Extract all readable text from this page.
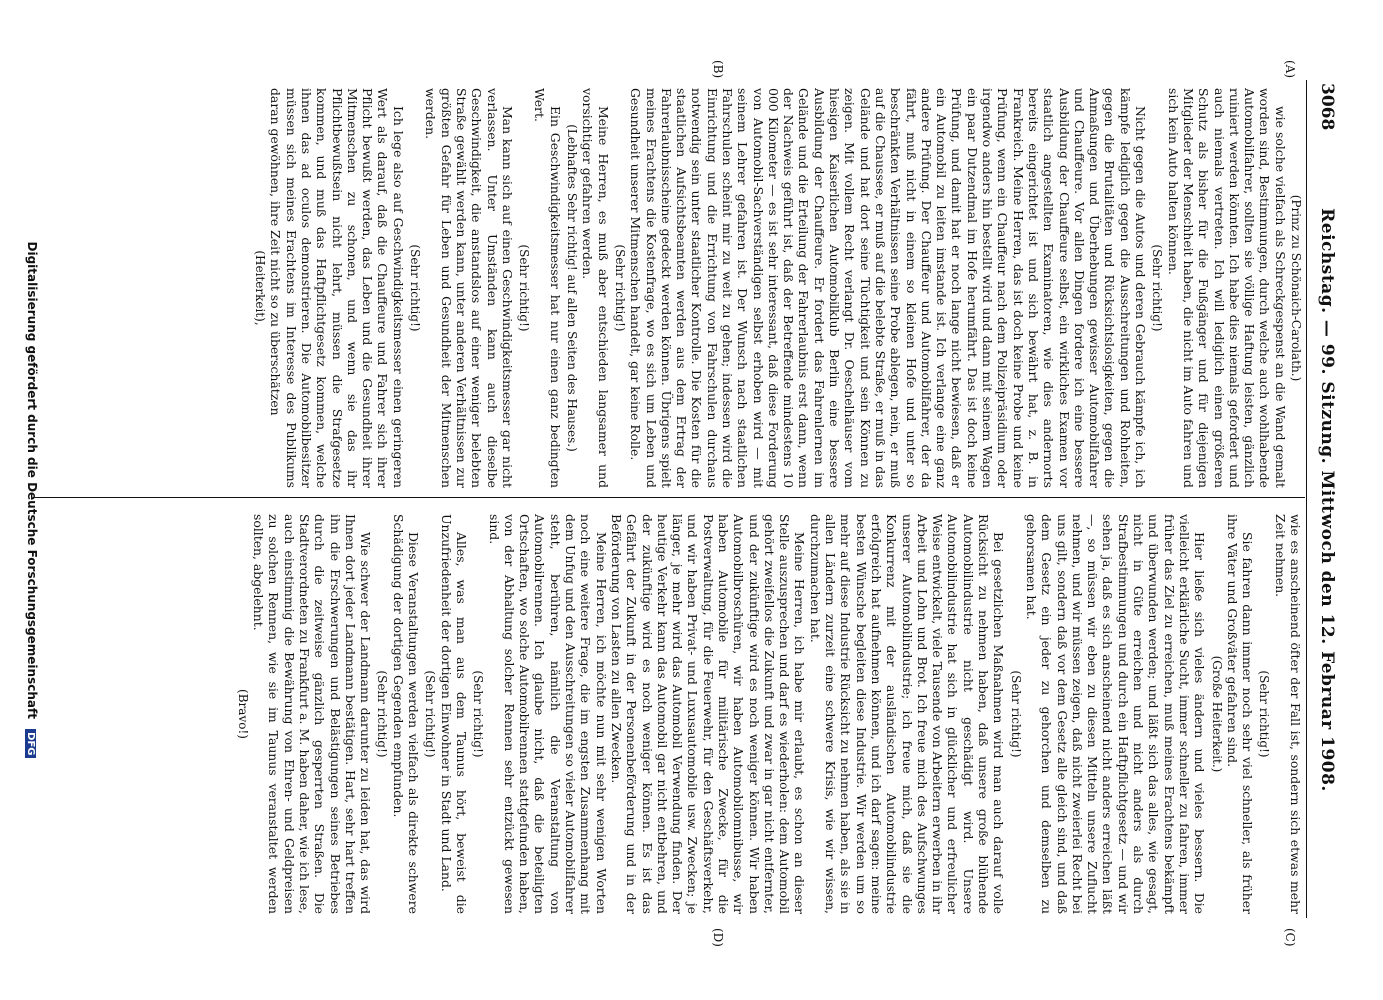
3068
Reichstag. — 99. Sitzung. Mittwoch den 12. Februar 1908.
(A)
(B)
(C)
(D)

(Prinz zu Schönaich-Carolath.)

wie solche vielfach als Schreckgespenst an die Wand gemalt worden sind, Bestimmungen, durch welche auch wohlhabende Automobilfahrer, sollten sie völlige Haftung leisten, gänzlich ruiniert werden könnten. Ich habe dies niemals gefordert und auch niemals vertreten. Ich will lediglich einen größeren Schutz als bisher für die Fußgänger und für diejenigen Mitglieder der Menschheit haben, die nicht im Auto fahren und sich kein Auto halten können.

(Sehr richtig!)

Nicht gegen die Autos und deren Gebrauch kämpfe ich, ich kämpfe lediglich gegen die Ausschreitungen und Rohheiten, gegen die Brutalitäten und Rücksichtslosigkeiten, gegen die Anmaßungen und Überhebungen gewisser Automobilfahrer und Chauffeure. Vor allen Dingen fordere ich eine bessere Ausbildung der Chauffeure selbst, ein wirkliches Examen vor staatlich angestellten Examinatoren, wie dies andernorts bereits eingerichtet ist und sich bewährt hat, z. B. in Frankreich. Meine Herren, das ist doch keine Probe und keine Prüfung, wenn ein Chauffeur nach dem Polizeipräsidium oder irgendwo anders hin bestellt wird und dann mit seinem Wagen ein paar Dutzendmal im Hofe herumfährt. Das ist doch keine Prüfung, und damit hat er noch lange nicht bewiesen, daß er ein Automobil zu leiten imstande ist. Ich verlange eine ganz andere Prüfung. Der Chauffeur und Automobilfahrer, der da fährt, muß nicht in einem so kleinen Hofe und unter so beschränkten Verhältnissen seine Probe ablegen, nein, er muß auf die Chaussee, er muß auf die belebte Straße, er muß in das Gelände und hat dort seine Tüchtigkeit und sein Können zu zeigen. Mit vollem Recht verlangt Dr. Oeschelhäuser vom hiesigen Kaiserlichen Automobilklub Berlin eine bessere Ausbildung der Chauffeure. Er fordert das Fahrenlernen im Gelände und die Erteilung der Fahrerlaubnis erst dann, wenn der Nachweis geführt ist, daß der Betreffende mindestens 10 000 Kilometer — es ist sehr interessant, daß diese Forderung von Automobil-Sachverständigen selbst erhoben wird — mit seinem Lehrer gefahren ist. Der Wunsch nach staatlichen Fahrschulen scheint mir zu weit zu gehen; indessen wird die Einrichtung und die Errichtung von Fahrschulen durchaus notwendig sein unter staatlicher Kontrolle. Die Kosten für die staatlichen Aufsichtsbeamten werden aus dem Ertrag der Fahrerlaubnisscheine gedeckt werden können. Übrigens spielt meines Erachtens die Kostenfrage, wo es sich um Leben und Gesundheit unserer Mitmenschen handelt, gar keine Rolle.

(Sehr richtig!)

Meine Herren, es muß aber entschieden langsamer und vorsichtiger gefahren werden.

(Lebhaftes Sehr richtig! auf allen Seiten des Hauses.)

Ein Geschwindigkeitsmesser hat nur einen ganz bedingten Wert.

(Sehr richtig!)

Man kann sich auf einen Geschwindigkeitsmesser gar nicht verlassen. Unter Umständen kann auch dieselbe Geschwindigkeit, die anstandslos auf einer weniger belebten Straße gewählt werden kann, unter anderen Verhältnissen zur größten Gefahr für Leben und Gesundheit der Mitmenschen werden.

(Sehr richtig!)

Ich lege also auf Geschwindigkeitsmesser einen geringeren Wert als darauf, daß die Chauffeure und Fahrer sich ihrer Pflicht bewußt werden, das Leben und die Gesundheit ihrer Mitmenschen zu schonen, und wenn sie das ihr Pflichtbewußtsein nicht lehrt, müssen die Strafgesetze kommen, und muß das Haftpflichtgesetz kommen, welche ihnen das ad oculos demonstrieren. Die Automobilbesitzer müssen sich meines Erachtens im Interesse des Publikums daran gewöhnen, ihre Zeit nicht so zu überschätzen

(Heiterkeit),

wie es anscheinend öfter der Fall ist, sondern sich etwas mehr Zeit nehmen.

(Sehr richtig!)

Sie fahren dann immer noch sehr viel schneller, als früher ihre Väter und Großväter gefahren sind.

(Große Heiterkeit.)

Hier ließe sich vieles ändern und vieles bessern. Die vielleicht erklärliche Sucht, immer schneller zu fahren, immer früher das Ziel zu erreichen, muß meines Erachtens bekämpft und überwunden werden; und läßt sich das alles, wie gesagt, nicht in Güte erreichen und nicht anders als durch Strafbestimmungen und durch ein Haftpflichtgesetz — und wir sehen ja, daß es sich anscheinend nicht anders erreichen läßt —, so müssen wir eben zu diesen Mitteln unsere Zuflucht nehmen, und wir müssen zeigen, daß nicht zweierlei Recht bei uns gilt, sondern daß vor dem Gesetz alle gleich sind, und daß dem Gesetz ein jeder zu gehorchen und demselben zu gehorsamen hat.

(Sehr richtig!)

Bei gesetzlichen Maßnahmen wird man auch darauf volle Rücksicht zu nehmen haben, daß unsere große blühende Automobilindustrie nicht geschädigt wird. Unsere Automobilindustrie hat sich in glücklicher und erfreulicher Weise entwickelt, viele Tausende von Arbeitern erwerben in ihr Arbeit und Lohn und Brot. Ich freue mich des Aufschwunges unserer Automobilindustrie; ich freue mich, daß sie die Konkurrenz mit der ausländischen Automobilindustrie erfolgreich hat aufnehmen können, und ich darf sagen: meine besten Wünsche begleiten diese Industrie. Wir werden um so mehr auf diese Industrie Rücksicht zu nehmen haben, als sie in allen Ländern zurzeit eine schwere Krisis, wie wir wissen, durchzumachen hat.

Meine Herren, ich habe mir erlaubt, es schon an dieser Stelle auszusprechen und darf es wiederholen: dem Automobil gehört zweifellos die Zukunft und zwar in gar nicht entfernter, und der zukünftige wird es noch weniger können. Wir haben Automobilbroschüren, wir haben Automobilomnibusse, wir haben Automobile für militärische Zwecke, für die Postverwaltung, für die Feuerwehr, für den Geschäftsverkehr, und wir haben Privat- und Luxusautomobile usw. Zwecken; je länger, je mehr wird das Automobil Verwendung finden. Der heutige Verkehr kann das Automobil gar nicht entbehren, und der zukünftige wird es noch weniger können. Es ist das Gefährt der Zukunft in der Personenbeförderung und in der Beförderung von Lasten zu allen Zwecken.

Meine Herren, ich möchte nun mit sehr wenigen Worten noch eine weitere Frage, die im engsten Zusammenhang mit dem Unfug und den Ausschreitungen so vieler Automobilfahrer steht, berühren, nämlich die Veranstaltung von Automobilrennen. Ich glaube nicht, daß die beteiligten Ortschaften, wo solche Automobilrennen stattgefunden haben, von der Abhaltung solcher Rennen sehr entzückt gewesen sind.

(Sehr richtig!)

Alles, was man aus dem Taunus hört, beweist die Unzufriedenheit der dortigen Einwohner in Stadt und Land.

(Sehr richtig!)

Diese Veranstaltungen werden vielfach als direkte schwere Schädigung der dortigen Gegenden empfunden.

(Sehr richtig!)

Wie schwer der Landmann darunter zu leiden hat, das wird Ihnen dort jeder Landmann bestätigen. Hart, sehr hart treffen ihn die Erschwerungen und Belästigungen seines Betriebes durch die zeitweise gänzlich gesperrten Straßen. Die Stadtverordneten zu Frankfurt a. M. haben daher, wie ich lese, auch einstimmig die Bewährung von Ehren- und Geldpreisen zu solchen Rennen, wie sie im Taunus veranstaltet werden sollten, abgelehnt.

(Bravo!)

Digitalisierung gefördert durch die Deutsche Forschungsgemeinschaft DFG
